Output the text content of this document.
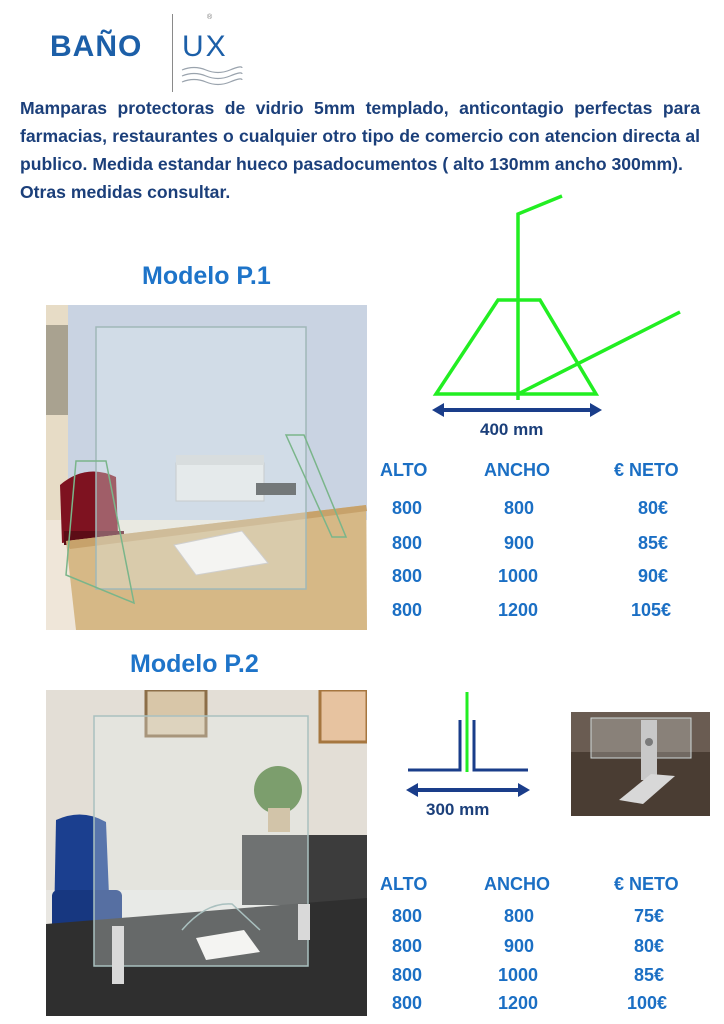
BAÑO UX
®

Mamparas protectoras de vidrio 5mm templado, anticontagio perfectas para farmacias, restaurantes o cualquier otro tipo de comercio con atencion directa al publico. Medida estandar hueco pasadocumentos ( alto 130mm ancho 300mm).

Otras medidas consultar.

Modelo P.1
400 mm
ALTO	ANCHO	€ NETO
800	800	80€
800	900	85€
800	1000	90€
800	1200	105€
Modelo P.2
300 mm
ALTO	ANCHO	€ NETO
800	800	75€
800	900	80€
800	1000	85€
800	1200	100€
